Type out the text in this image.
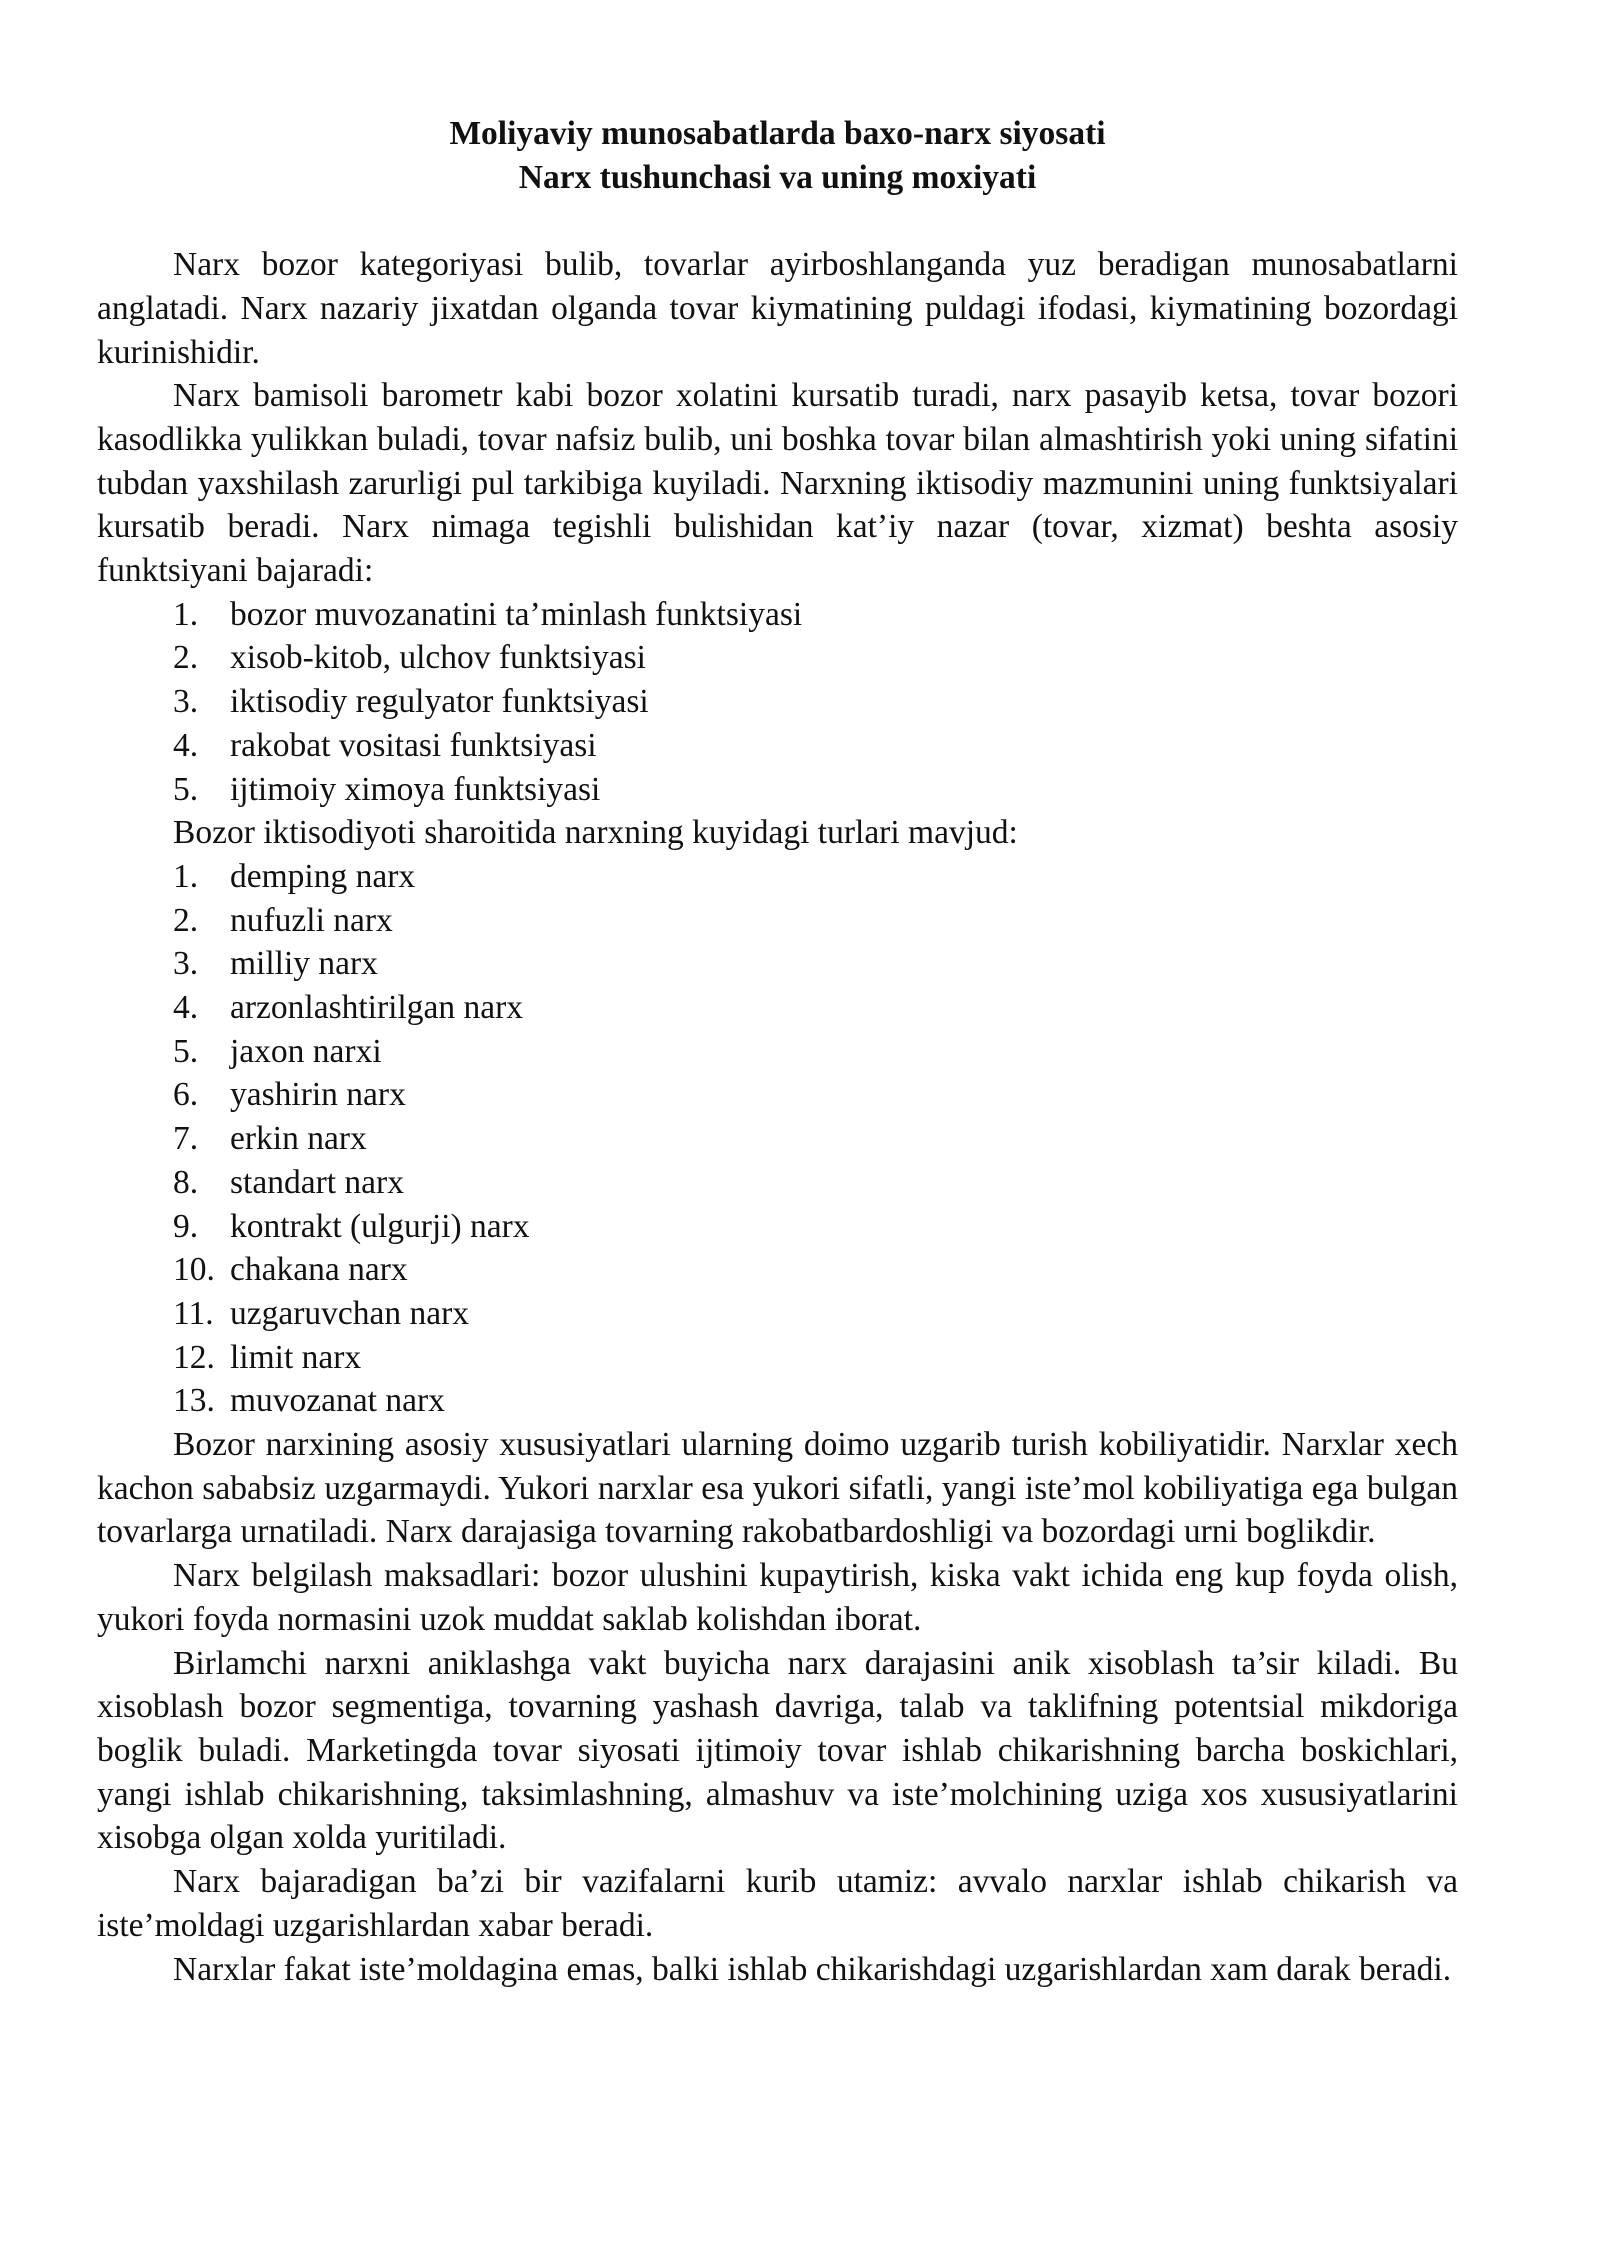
Moliyaviy munosabatlarda baxo-narx siyosati
Narx tushunchasi va uning moxiyati

Narx bozor kategoriyasi bulib, tovarlar ayirboshlanganda yuz beradigan munosabatlarni anglatadi. Narx nazariy jixatdan olganda tovar kiymatining puldagi ifodasi, kiymatining bozordagi kurinishidir.

Narx bamisoli barometr kabi bozor xolatini kursatib turadi, narx pasayib ketsa, tovar bozori kasodlikka yulikkan buladi, tovar nafsiz bulib, uni boshka tovar bilan almashtirish yoki uning sifatini tubdan yaxshilash zarurligi pul tarkibiga kuyiladi. Narxning iktisodiy mazmunini uning funktsiyalari kursatib beradi. Narx nimaga tegishli bulishidan kat’iy nazar (tovar, xizmat) beshta asosiy funktsiyani bajaradi:

1. bozor muvozanatini ta’minlash funktsiyasi
2. xisob-kitob, ulchov funktsiyasi
3. iktisodiy regulyator funktsiyasi
4. rakobat vositasi funktsiyasi
5. ijtimoiy ximoya funktsiyasi

Bozor iktisodiyoti sharoitida narxning kuyidagi turlari mavjud:

1. demping narx
2. nufuzli narx
3. milliy narx
4. arzonlashtirilgan narx
5. jaxon narxi
6. yashirin narx
7. erkin narx
8. standart narx
9. kontrakt (ulgurji) narx
10. chakana narx
11. uzgaruvchan narx
12. limit narx
13. muvozanat narx

Bozor narxining asosiy xususiyatlari ularning doimo uzgarib turish kobiliyatidir. Narxlar xech kachon sababsiz uzgarmaydi. Yukori narxlar esa yukori sifatli, yangi iste’mol kobiliyatiga ega bulgan tovarlarga urnatiladi. Narx darajasiga tovarning rakobatbardoshligi va bozordagi urni boglikdir.

Narx belgilash maksadlari: bozor ulushini kupaytirish, kiska vakt ichida eng kup foyda olish, yukori foyda normasini uzok muddat saklab kolishdan iborat.

Birlamchi narxni aniklashga vakt buyicha narx darajasini anik xisoblash ta’sir kiladi. Bu xisoblash bozor segmentiga, tovarning yashash davriga, talab va taklifning potentsial mikdoriga boglik buladi. Marketingda tovar siyosati ijtimoiy tovar ishlab chikarishning barcha boskichlari, yangi ishlab chikarishning, taksimlashning, almashuv va iste’molchining uziga xos xususiyatlarini xisobga olgan xolda yuritiladi.

Narx bajaradigan ba’zi bir vazifalarni kurib utamiz: avvalo narxlar ishlab chikarish va iste’moldagi uzgarishlardan xabar beradi.

Narxlar fakat iste’moldagina emas, balki ishlab chikarishdagi uzgarishlardan xam darak beradi.
